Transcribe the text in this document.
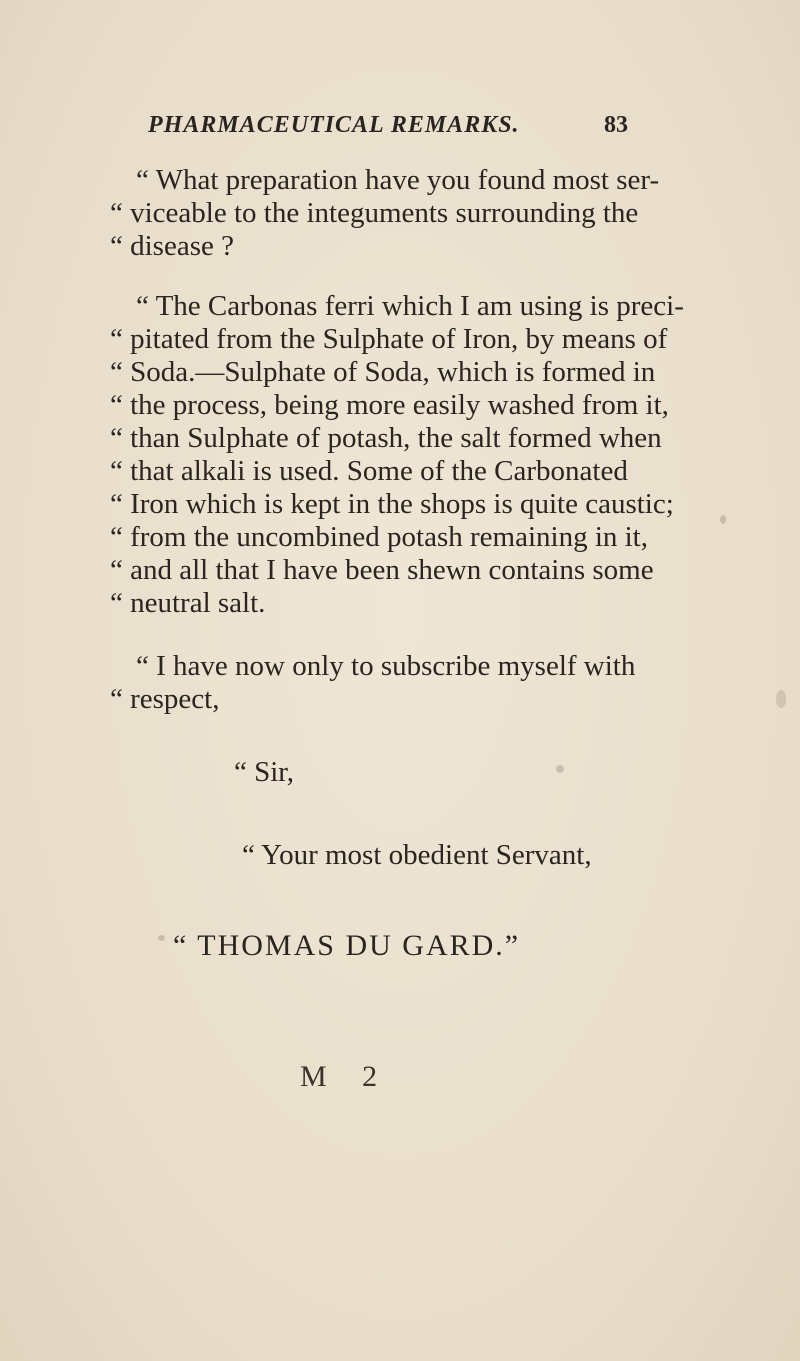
PHARMACEUTICAL REMARKS.	83
“ What preparation have you found most ser-
“ viceable to the integuments surrounding the
“ disease ?
“ The Carbonas ferri which I am using is preci-
“ pitated from the Sulphate of Iron, by means of
“ Soda.—Sulphate of Soda, which is formed in
“ the process, being more easily washed from it,
“ than Sulphate of potash, the salt formed when
“ that alkali is used. Some of the Carbonated
“ Iron which is kept in the shops is quite caustic;
“ from the uncombined potash remaining in it,
“ and all that I have been shewn contains some
“ neutral salt.
“ I have now only to subscribe myself with
“ respect,
“ Sir,
“ Your most obedient Servant,
“ THOMAS DU GARD.”
M 2
